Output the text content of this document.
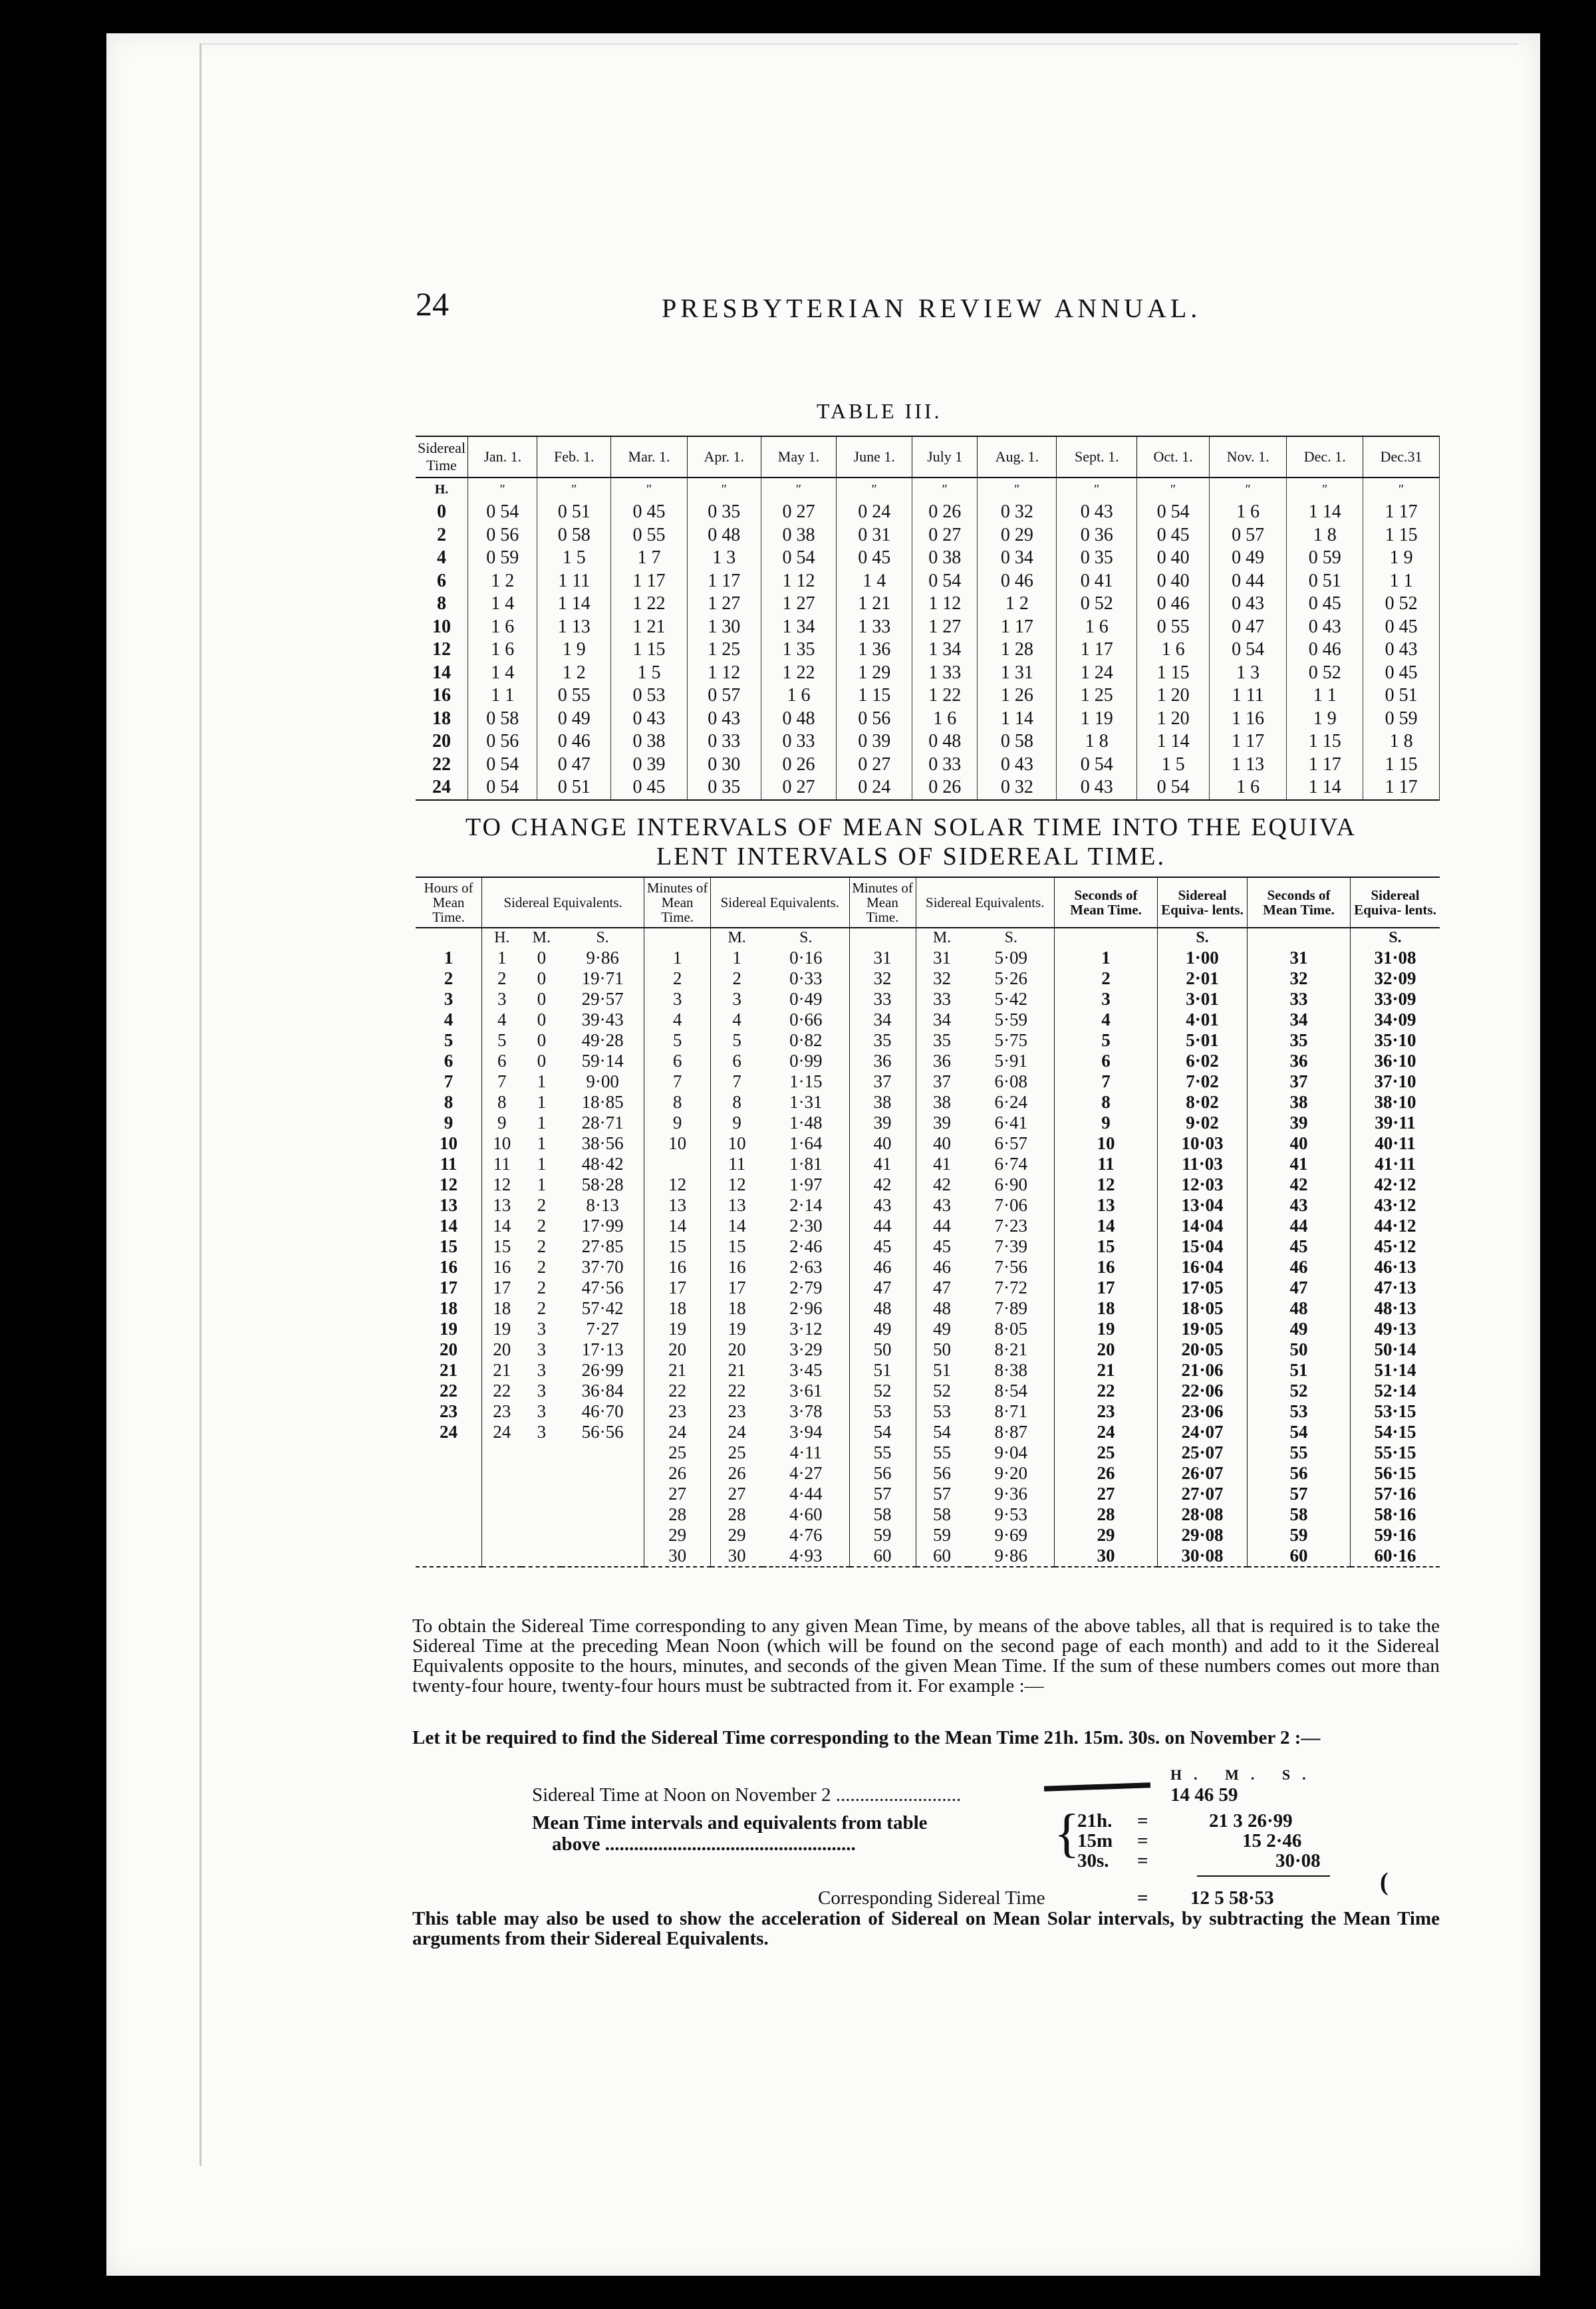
24	PRESBYTERIAN REVIEW ANNUAL.
TABLE III.
Sidereal Time	Jan. 1.	Feb. 1.	Mar. 1.	Apr. 1.	May 1.	June 1.	July 1	Aug. 1.	Sept. 1.	Oct. 1.	Nov. 1.	Dec. 1.	Dec.31
H.	″	″	″	″	″	″	″	″	″	″	″	″	″
0	0 54	0 51	0 45	0 35	0 27	0 24	0 26	0 32	0 43	0 54	1 6	1 14	1 17
2	0 56	0 58	0 55	0 48	0 38	0 31	0 27	0 29	0 36	0 45	0 57	1 8	1 15
4	0 59	1 5	1 7	1 3	0 54	0 45	0 38	0 34	0 35	0 40	0 49	0 59	1 9
6	1 2	1 11	1 17	1 17	1 12	1 4	0 54	0 46	0 41	0 40	0 44	0 51	1 1
8	1 4	1 14	1 22	1 27	1 27	1 21	1 12	1 2	0 52	0 46	0 43	0 45	0 52
10	1 6	1 13	1 21	1 30	1 34	1 33	1 27	1 17	1 6	0 55	0 47	0 43	0 45
12	1 6	1 9	1 15	1 25	1 35	1 36	1 34	1 28	1 17	1 6	0 54	0 46	0 43
14	1 4	1 2	1 5	1 12	1 22	1 29	1 33	1 31	1 24	1 15	1 3	0 52	0 45
16	1 1	0 55	0 53	0 57	1 6	1 15	1 22	1 26	1 25	1 20	1 11	1 1	0 51
18	0 58	0 49	0 43	0 43	0 48	0 56	1 6	1 14	1 19	1 20	1 16	1 9	0 59
20	0 56	0 46	0 38	0 33	0 33	0 39	0 48	0 58	1 8	1 14	1 17	1 15	1 8
22	0 54	0 47	0 39	0 30	0 26	0 27	0 33	0 43	0 54	1 5	1 13	1 17	1 15
24	0 54	0 51	0 45	0 35	0 27	0 24	0 26	0 32	0 43	0 54	1 6	1 14	1 17
TO CHANGE INTERVALS OF MEAN SOLAR TIME INTO THE EQUIVA
LENT INTERVALS OF SIDEREAL TIME.
Hours of Mean Time.	Sidereal Equivalents.			Minutes of Mean Time.	Sidereal Equivalents.		Minutes of Mean Time.	Sidereal Equivalents.		Seconds of Mean Time.	Sidereal Equiva- lents.	Seconds of Mean Time.	Sidereal Equiva- lents.
	H.	M.	S.		M.	S.		M.	S.		S.		S.
1	1	0	9·86	1	1	0·16	31	31	5·09	1	1·00	31	31·08
2	2	0	19·71	2	2	0·33	32	32	5·26	2	2·01	32	32·09
3	3	0	29·57	3	3	0·49	33	33	5·42	3	3·01	33	33·09
4	4	0	39·43	4	4	0·66	34	34	5·59	4	4·01	34	34·09
5	5	0	49·28	5	5	0·82	35	35	5·75	5	5·01	35	35·10
6	6	0	59·14	6	6	0·99	36	36	5·91	6	6·02	36	36·10
7	7	1	9·00	7	7	1·15	37	37	6·08	7	7·02	37	37·10
8	8	1	18·85	8	8	1·31	38	38	6·24	8	8·02	38	38·10
9	9	1	28·71	9	9	1·48	39	39	6·41	9	9·02	39	39·11
10	10	1	38·56	10	10	1·64	40	40	6·57	10	10·03	40	40·11
11	11	1	48·42		11	1·81	41	41	6·74	11	11·03	41	41·11
12	12	1	58·28	12	12	1·97	42	42	6·90	12	12·03	42	42·12
13	13	2	8·13	13	13	2·14	43	43	7·06	13	13·04	43	43·12
14	14	2	17·99	14	14	2·30	44	44	7·23	14	14·04	44	44·12
15	15	2	27·85	15	15	2·46	45	45	7·39	15	15·04	45	45·12
16	16	2	37·70	16	16	2·63	46	46	7·56	16	16·04	46	46·13
17	17	2	47·56	17	17	2·79	47	47	7·72	17	17·05	47	47·13
18	18	2	57·42	18	18	2·96	48	48	7·89	18	18·05	48	48·13
19	19	3	7·27	19	19	3·12	49	49	8·05	19	19·05	49	49·13
20	20	3	17·13	20	20	3·29	50	50	8·21	20	20·05	50	50·14
21	21	3	26·99	21	21	3·45	51	51	8·38	21	21·06	51	51·14
22	22	3	36·84	22	22	3·61	52	52	8·54	22	22·06	52	52·14
23	23	3	46·70	23	23	3·78	53	53	8·71	23	23·06	53	53·15
24	24	3	56·56	24	24	3·94	54	54	8·87	24	24·07	54	54·15
				25	25	4·11	55	55	9·04	25	25·07	55	55·15
				26	26	4·27	56	56	9·20	26	26·07	56	56·15
				27	27	4·44	57	57	9·36	27	27·07	57	57·16
				28	28	4·60	58	58	9·53	28	28·08	58	58·16
				29	29	4·76	59	59	9·69	29	29·08	59	59·16
				30	30	4·93	60	60	9·86	30	30·08	60	60·16
To obtain the Sidereal Time corresponding to any given Mean Time, by means of the above tables, all that is required is to take the Sidereal Time at the preceding Mean Noon (which will be found on the second page of each month) and add to it the Sidereal Equivalents opposite to the hours, minutes, and seconds of the given Mean Time. If the sum of these numbers comes out more than twenty-four houre, twenty-four hours must be subtracted from it. For example :—
Let it be required to find the Sidereal Time corresponding to the Mean Time 21h. 15m. 30s. on November 2 :—
H. M. S.
Sidereal Time at Noon on November 2 ..........................	14 46 59
Mean Time intervals and equivalents from table
above ....................................................	{
21h. =	21 3 26·99
15m =	15 2·46
30s. =	30·08
Corresponding Sidereal Time	= 12 5 58·53
(
This table may also be used to show the acceleration of Sidereal on Mean Solar intervals, by subtracting the Mean Time arguments from their Sidereal Equivalents.
